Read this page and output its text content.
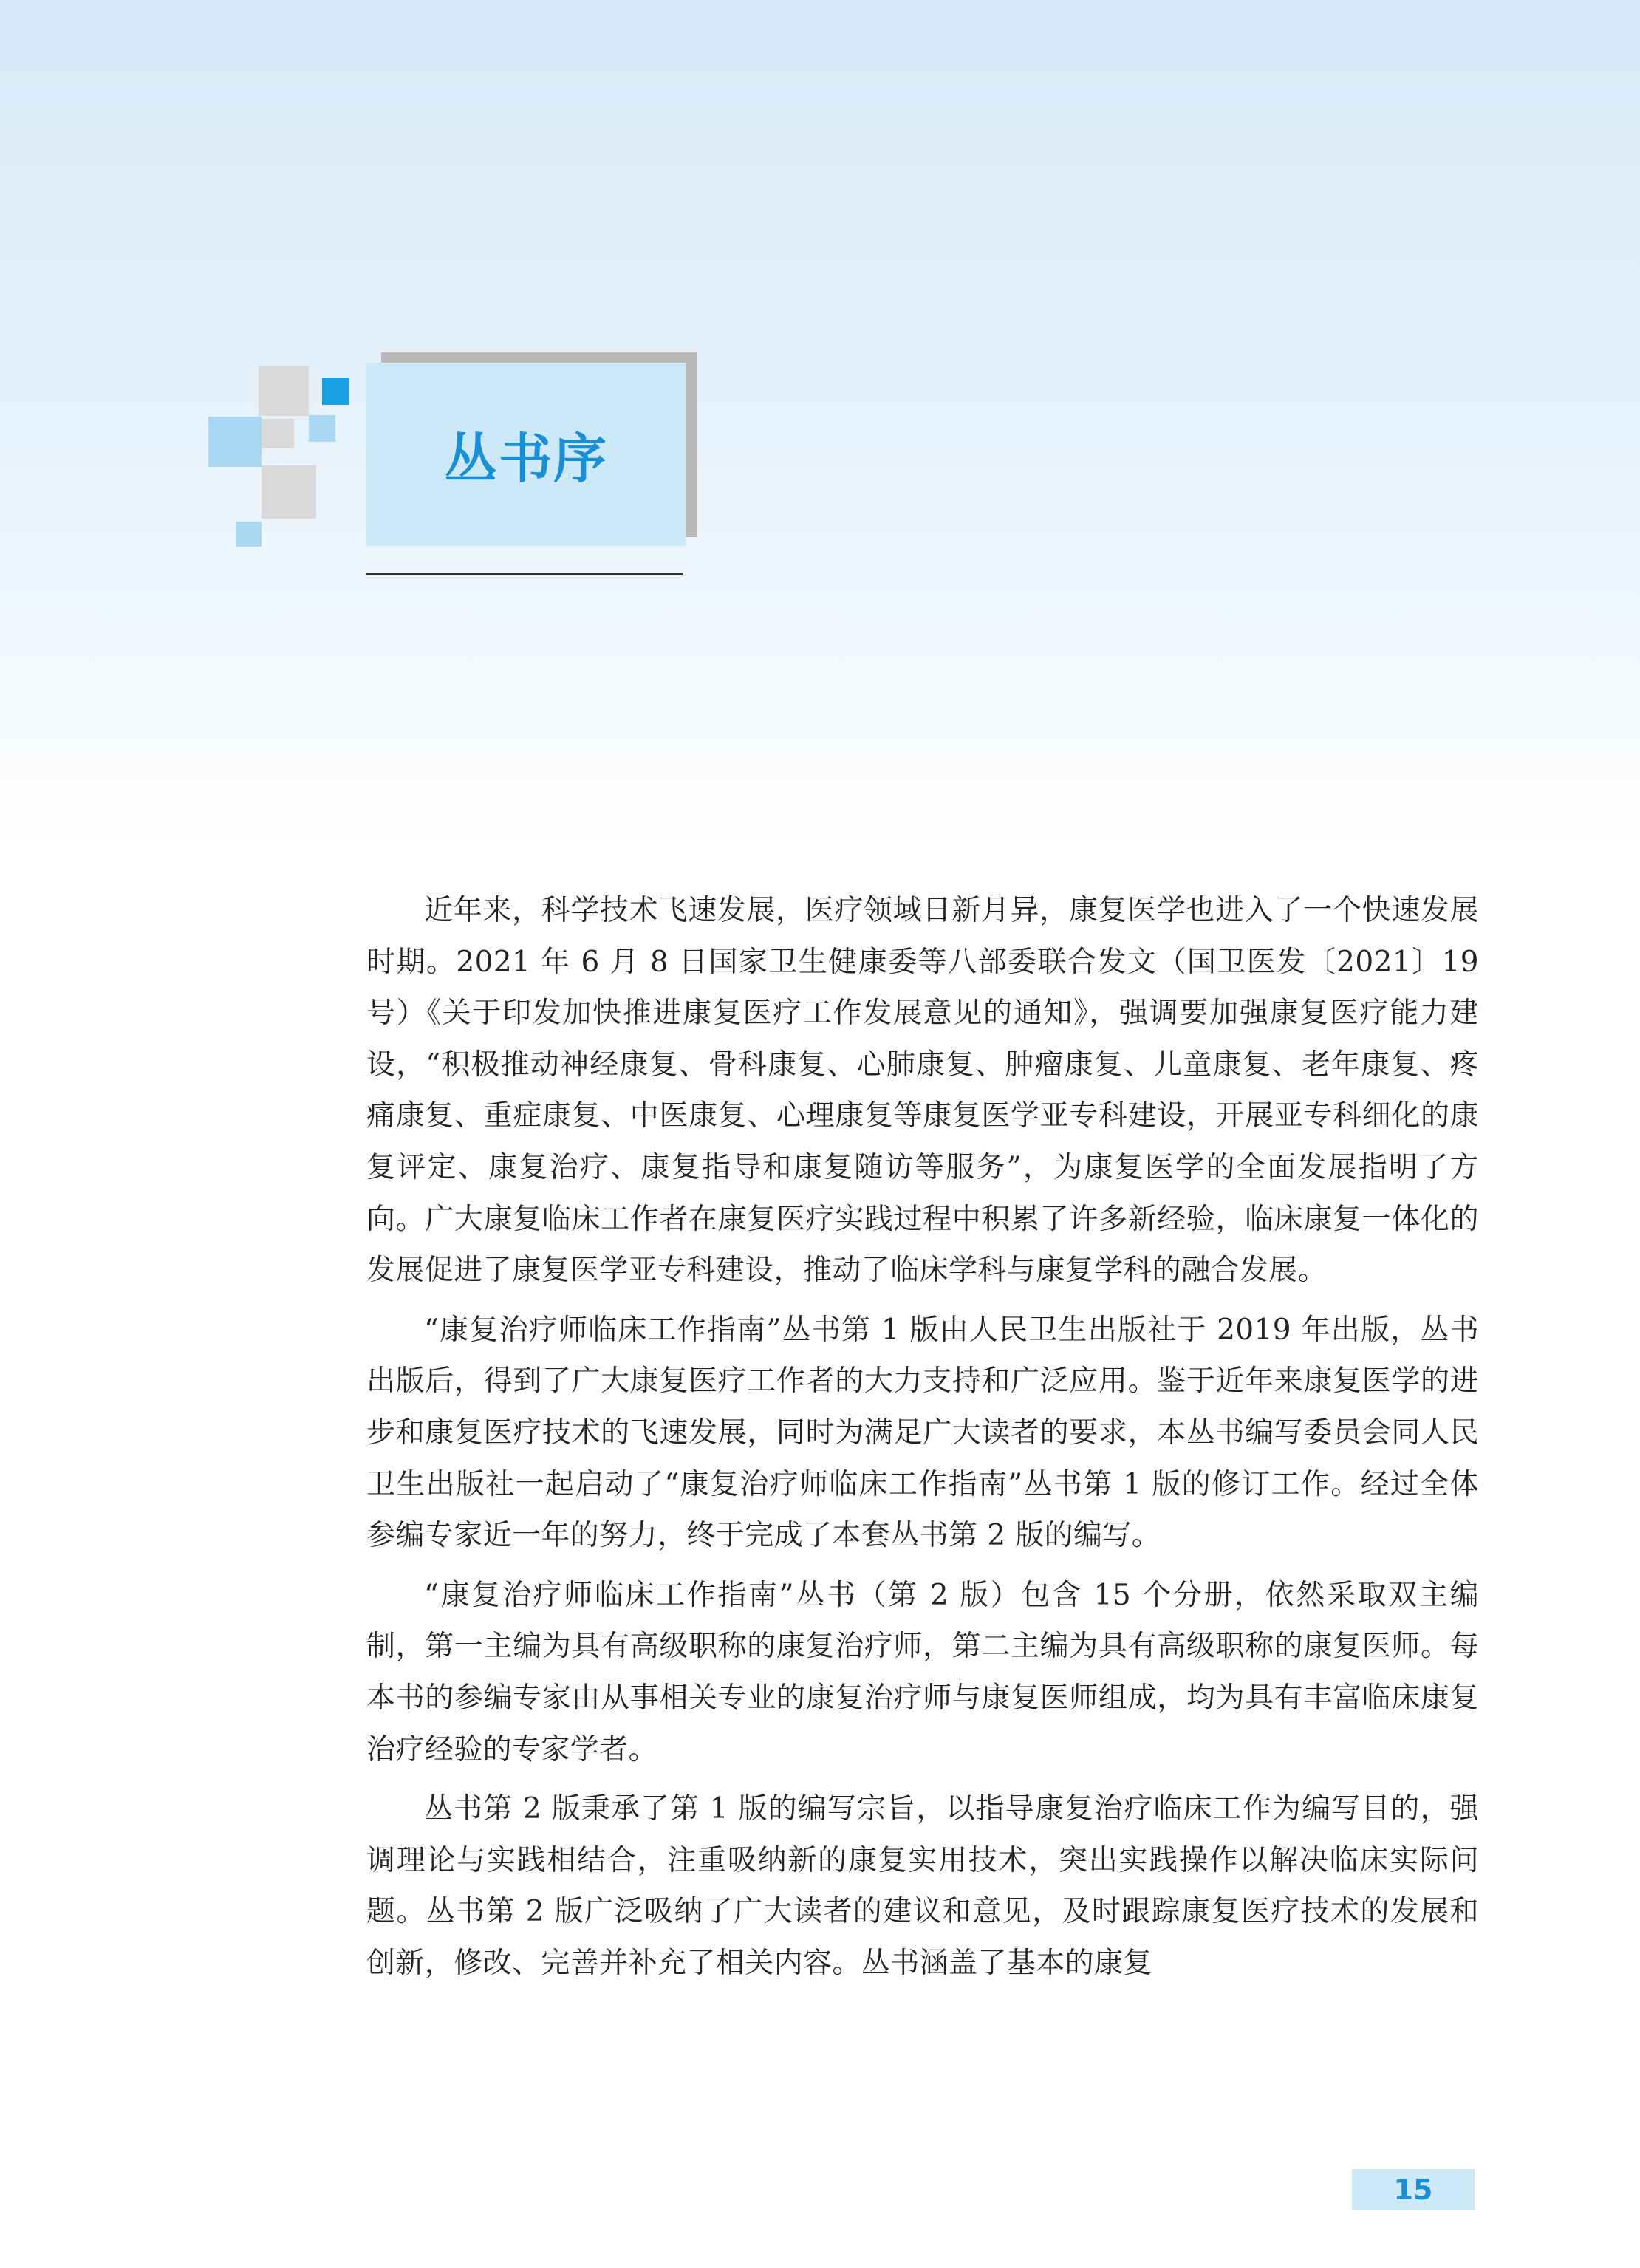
丛书序

近年来，科学技术飞速发展，医疗领域日新月异，康复医学也进入了一个快速发展时期。2021 年 6 月 8 日国家卫生健康委等八部委联合发文（国卫医发〔2021〕19 号）《关于印发加快推进康复医疗工作发展意见的通知》，强调要加强康复医疗能力建设，“积极推动神经康复、骨科康复、心肺康复、肿瘤康复、儿童康复、老年康复、疼痛康复、重症康复、中医康复、心理康复等康复医学亚专科建设，开展亚专科细化的康复评定、康复治疗、康复指导和康复随访等服务”，为康复医学的全面发展指明了方向。广大康复临床工作者在康复医疗实践过程中积累了许多新经验，临床康复一体化的发展促进了康复医学亚专科建设，推动了临床学科与康复学科的融合发展。

“康复治疗师临床工作指南”丛书第 1 版由人民卫生出版社于 2019 年出版，丛书出版后，得到了广大康复医疗工作者的大力支持和广泛应用。鉴于近年来康复医学的进步和康复医疗技术的飞速发展，同时为满足广大读者的要求，本丛书编写委员会同人民卫生出版社一起启动了“康复治疗师临床工作指南”丛书第 1 版的修订工作。经过全体参编专家近一年的努力，终于完成了本套丛书第 2 版的编写。

“康复治疗师临床工作指南”丛书（第 2 版）包含 15 个分册，依然采取双主编制，第一主编为具有高级职称的康复治疗师，第二主编为具有高级职称的康复医师。每本书的参编专家由从事相关专业的康复治疗师与康复医师组成，均为具有丰富临床康复治疗经验的专家学者。

丛书第 2 版秉承了第 1 版的编写宗旨，以指导康复治疗临床工作为编写目的，强调理论与实践相结合，注重吸纳新的康复实用技术，突出实践操作以解决临床实际问题。丛书第 2 版广泛吸纳了广大读者的建议和意见，及时跟踪康复医疗技术的发展和创新，修改、完善并补充了相关内容。丛书涵盖了基本的康复

15
